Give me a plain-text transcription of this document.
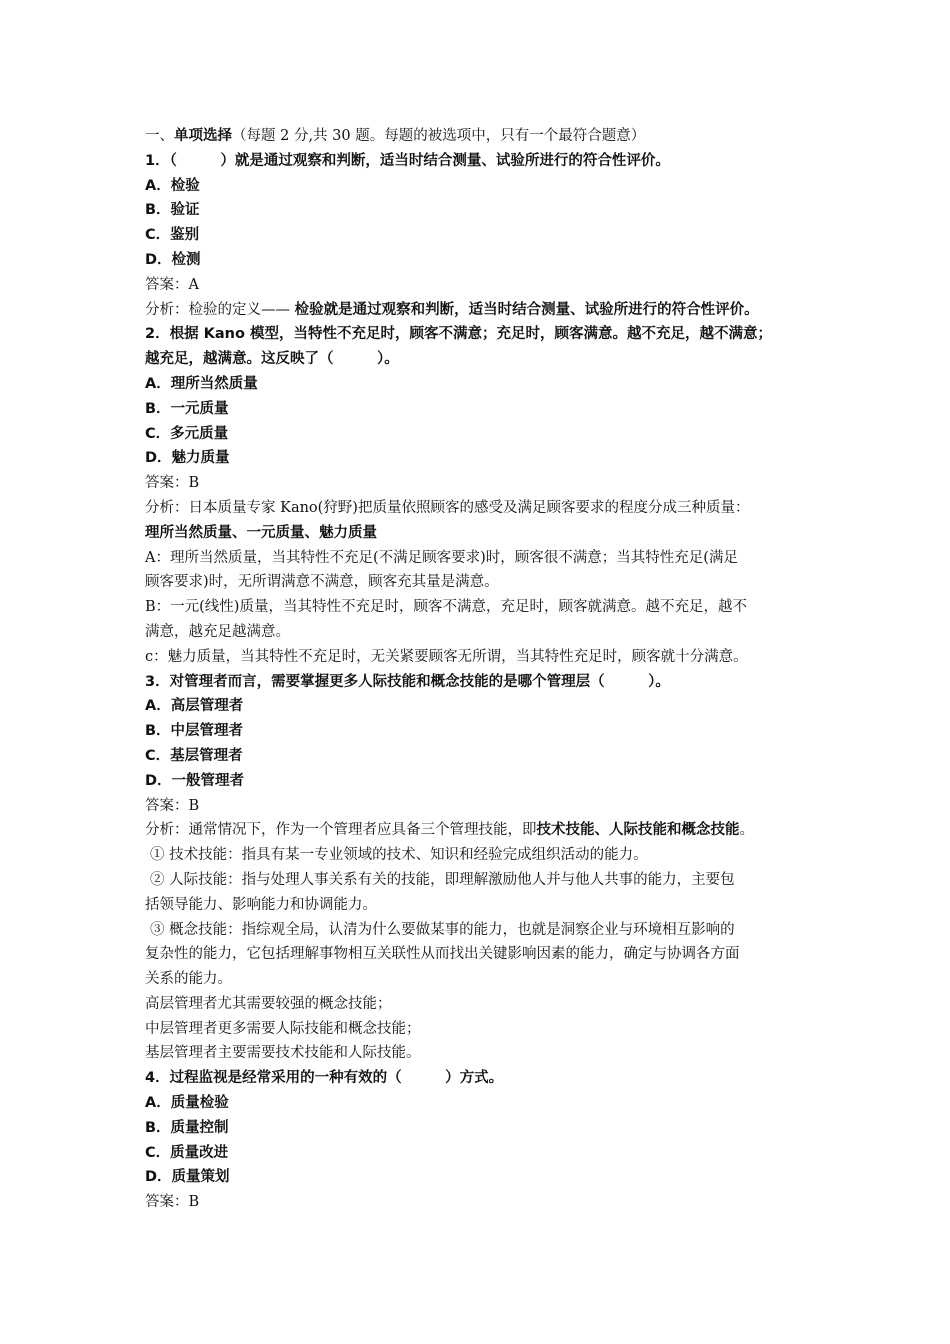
一、单项选择（每题 2 分,共 30 题。每题的被选项中，只有一个最符合题意）
1．（　　　）就是通过观察和判断，适当时结合测量、试验所进行的符合性评价。
A．检验
B．验证
C．鉴别
D．检测
答案：A
分析：检验的定义—— 检验就是通过观察和判断，适当时结合测量、试验所进行的符合性评价。
2．根据 Kano 模型，当特性不充足时，顾客不满意；充足时，顾客满意。越不充足，越不满意；
越充足，越满意。这反映了（　　　）。
A．理所当然质量
B．一元质量
C．多元质量
D．魅力质量
答案：B
分析：日本质量专家 Kano(狩野)把质量依照顾客的感受及满足顾客要求的程度分成三种质量：
理所当然质量、一元质量、魅力质量
A：理所当然质量，当其特性不充足(不满足顾客要求)时，顾客很不满意；当其特性充足(满足
顾客要求)时，无所谓满意不满意，顾客充其量是满意。
B：一元(线性)质量，当其特性不充足时，顾客不满意，充足时，顾客就满意。越不充足，越不
满意，越充足越满意。
c：魅力质量，当其特性不充足时，无关紧要顾客无所谓，当其特性充足时，顾客就十分满意。
3．对管理者而言，需要掌握更多人际技能和概念技能的是哪个管理层（　　　）。
A．高层管理者
B．中层管理者
C．基层管理者
D．一般管理者
答案：B
分析：通常情况下，作为一个管理者应具备三个管理技能，即技术技能、人际技能和概念技能。
① 技术技能：指具有某一专业领域的技术、知识和经验完成组织活动的能力。
② 人际技能：指与处理人事关系有关的技能，即理解激励他人并与他人共事的能力，主要包
括领导能力、影响能力和协调能力。
③ 概念技能：指综观全局，认清为什么要做某事的能力，也就是洞察企业与环境相互影响的
复杂性的能力，它包括理解事物相互关联性从而找出关键影响因素的能力，确定与协调各方面
关系的能力。
高层管理者尤其需要较强的概念技能；
中层管理者更多需要人际技能和概念技能；
基层管理者主要需要技术技能和人际技能。
4．过程监视是经常采用的一种有效的（　　　）方式。
A．质量检验
B．质量控制
C．质量改进
D．质量策划
答案：B
